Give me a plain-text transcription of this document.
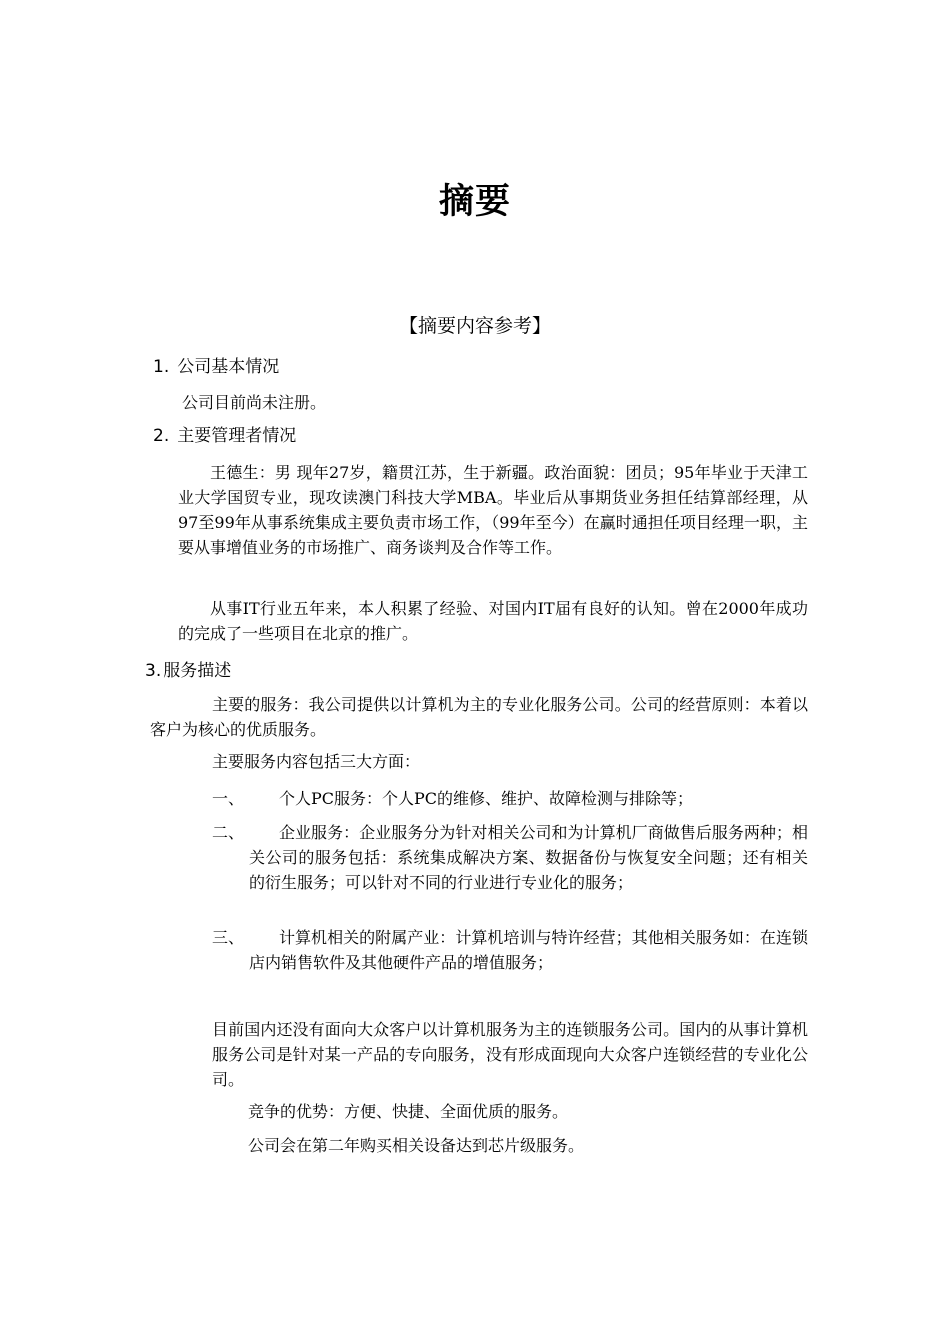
摘要
【摘要内容参考】
1. 公司基本情况
公司目前尚未注册。
2. 主要管理者情况
王德生：男 现年27岁，籍贯江苏，生于新疆。政治面貌：团员；95年毕业于天津工业大学国贸专业，现攻读澳门科技大学MBA。毕业后从事期货业务担任结算部经理，从97至99年从事系统集成主要负责市场工作，（99年至今）在赢时通担任项目经理一职，主要从事增值业务的市场推广、商务谈判及合作等工作。
从事IT行业五年来，本人积累了经验、对国内IT届有良好的认知。曾在2000年成功的完成了一些项目在北京的推广。
3. 服务描述
主要的服务：我公司提供以计算机为主的专业化服务公司。公司的经营原则：本着以客户为核心的优质服务。
主要服务内容包括三大方面：
一、	个人PC服务：个人PC的维修、维护、故障检测与排除等；
二、	企业服务：企业服务分为针对相关公司和为计算机厂商做售后服务两种；相关公司的服务包括：系统集成解决方案、数据备份与恢复安全问题；还有相关的衍生服务；可以针对不同的行业进行专业化的服务；
三、	计算机相关的附属产业：计算机培训与特许经营；其他相关服务如：在连锁店内销售软件及其他硬件产品的增值服务；
目前国内还没有面向大众客户以计算机服务为主的连锁服务公司。国内的从事计算机服务公司是针对某一产品的专向服务，没有形成面现向大众客户连锁经营的专业化公司。
竞争的优势：方便、快捷、全面优质的服务。
公司会在第二年购买相关设备达到芯片级服务。
